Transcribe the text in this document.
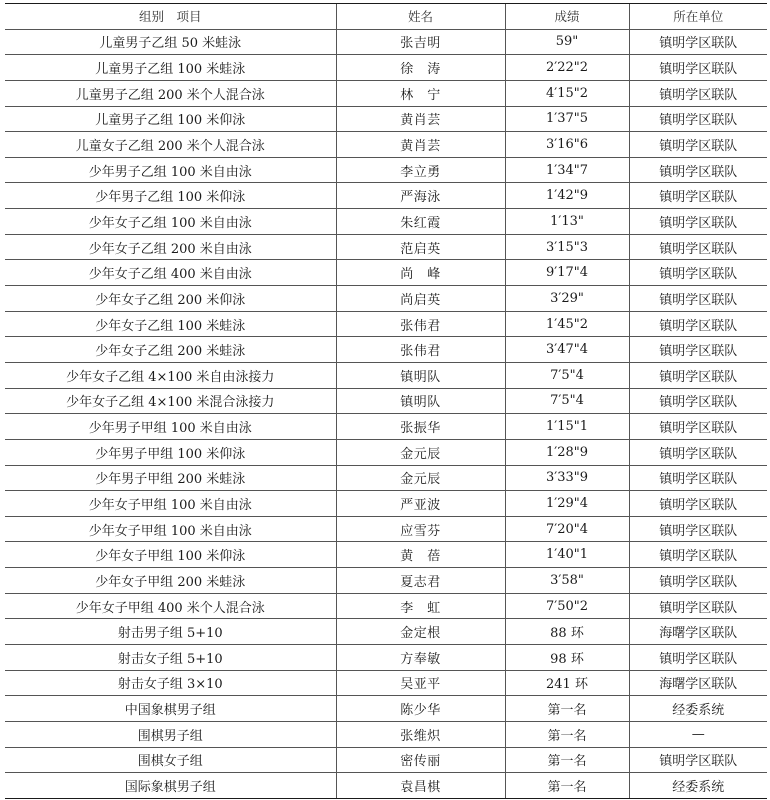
组别　项目	姓名	成绩	所在单位
儿童男子乙组 50 米蛙泳	张吉明	59"	镇明学区联队
儿童男子乙组 100 米蛙泳	徐　涛	2′22"2	镇明学区联队
儿童男子乙组 200 米个人混合泳	林　宁	4′15"2	镇明学区联队
儿童男子乙组 100 米仰泳	黄肖芸	1′37"5	镇明学区联队
儿童女子乙组 200 米个人混合泳	黄肖芸	3′16"6	镇明学区联队
少年男子乙组 100 米自由泳	李立勇	1′34"7	镇明学区联队
少年男子乙组 100 米仰泳	严海泳	1′42"9	镇明学区联队
少年女子乙组 100 米自由泳	朱红霞	1′13"	镇明学区联队
少年女子乙组 200 米自由泳	范启英	3′15"3	镇明学区联队
少年女子乙组 400 米自由泳	尚　峰	9′17"4	镇明学区联队
少年女子乙组 200 米仰泳	尚启英	3′29"	镇明学区联队
少年女子乙组 100 米蛙泳	张伟君	1′45"2	镇明学区联队
少年女子乙组 200 米蛙泳	张伟君	3′47"4	镇明学区联队
少年女子乙组 4×100 米自由泳接力	镇明队	7′5"4	镇明学区联队
少年女子乙组 4×100 米混合泳接力	镇明队	7′5"4	镇明学区联队
少年男子甲组 100 米自由泳	张振华	1′15"1	镇明学区联队
少年男子甲组 100 米仰泳	金元辰	1′28"9	镇明学区联队
少年男子甲组 200 米蛙泳	金元辰	3′33"9	镇明学区联队
少年女子甲组 100 米自由泳	严亚波	1′29"4	镇明学区联队
少年女子甲组 100 米自由泳	应雪芬	7′20"4	镇明学区联队
少年女子甲组 100 米仰泳	黄　蓓	1′40"1	镇明学区联队
少年女子甲组 200 米蛙泳	夏志君	3′58"	镇明学区联队
少年女子甲组 400 米个人混合泳	李　虹	7′50"2	镇明学区联队
射击男子组 5+10	金定根	88 环	海曙学区联队
射击女子组 5+10	方奉敏	98 环	镇明学区联队
射击女子组 3×10	吴亚平	241 环	海曙学区联队
中国象棋男子组	陈少华	第一名	经委系统
围棋男子组	张维炽	第一名	—
围棋女子组	密传丽	第一名	镇明学区联队
国际象棋男子组	袁昌棋	第一名	经委系统
